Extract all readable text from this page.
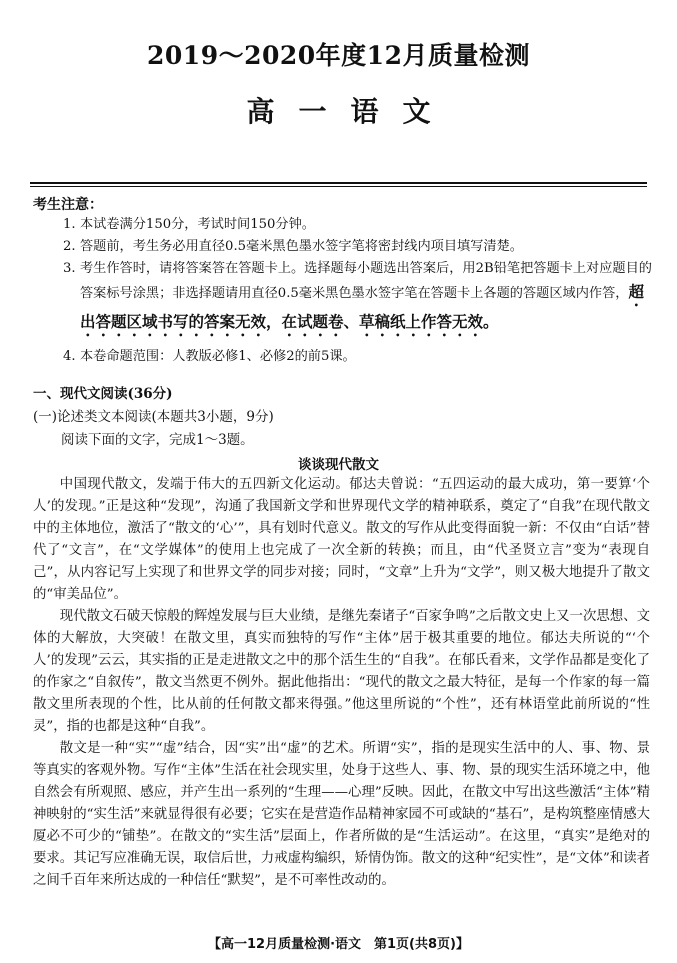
2019～2020年度12月质量检测
高一语文
考生注意：
1. 本试卷满分150分，考试时间150分钟。
2. 答题前，考生务必用直径0.5毫米黑色墨水签字笔将密封线内项目填写清楚。
3. 考生作答时，请将答案答在答题卡上。选择题每小题选出答案后，用2B铅笔把答题卡上对应题目的答案标号涂黑；非选择题请用直径0.5毫米黑色墨水签字笔在答题卡上各题的答题区域内作答，超出答题区域书写的答案无效，在试题卷、草稿纸上作答无效。
4. 本卷命题范围：人教版必修1、必修2的前5课。
一、现代文阅读(36分)
(一)论述类文本阅读(本题共3小题，9分)
阅读下面的文字，完成1～3题。
谈谈现代散文

中国现代散文，发端于伟大的五四新文化运动。郁达夫曾说：“五四运动的最大成功，第一要算‘个人’的发现。”正是这种“发现”，沟通了我国新文学和世界现代文学的精神联系，奠定了“自我”在现代散文中的主体地位，激活了“散文的‘心’”，具有划时代意义。散文的写作从此变得面貌一新：不仅由“白话”替代了“文言”，在“文学媒体”的使用上也完成了一次全新的转换；而且，由“代圣贤立言”变为“表现自己”，从内容记写上实现了和世界文学的同步对接；同时，“文章”上升为“文学”，则又极大地提升了散文的“审美品位”。

现代散文石破天惊般的辉煌发展与巨大业绩，是继先秦诸子“百家争鸣”之后散文史上又一次思想、文体的大解放，大突破！在散文里，真实而独特的写作“主体”居于极其重要的地位。郁达夫所说的“‘个人’的发现”云云，其实指的正是走进散文之中的那个活生生的“自我”。在郁氏看来，文学作品都是变化了的作家之“自叙传”，散文当然更不例外。据此他指出：“现代的散文之最大特征，是每一个作家的每一篇散文里所表现的个性，比从前的任何散文都来得强。”他这里所说的“个性”，还有林语堂此前所说的“性灵”，指的也都是这种“自我”。

散文是一种“实”“虚”结合，因“实”出“虚”的艺术。所谓“实”，指的是现实生活中的人、事、物、景等真实的客观外物。写作“主体”生活在社会现实里，处身于这些人、事、物、景的现实生活环境之中，他自然会有所观照、感应，并产生出一系列的“生理——心理”反映。因此，在散文中写出这些激活“主体”精神映射的“实生活”来就显得很有必要；它实在是营造作品精神家园不可或缺的“基石”，是构筑整座情感大厦必不可少的“铺垫”。在散文的“实生活”层面上，作者所做的是“生活运动”。在这里，“真实”是绝对的要求。其记写应准确无误，取信后世，力戒虚构编织，矫情伪饰。散文的这种“纪实性”，是“文体”和读者之间千百年来所达成的一种信任“默契”，是不可率性改动的。

【高一12月质量检测·语文　第1页(共8页)】
